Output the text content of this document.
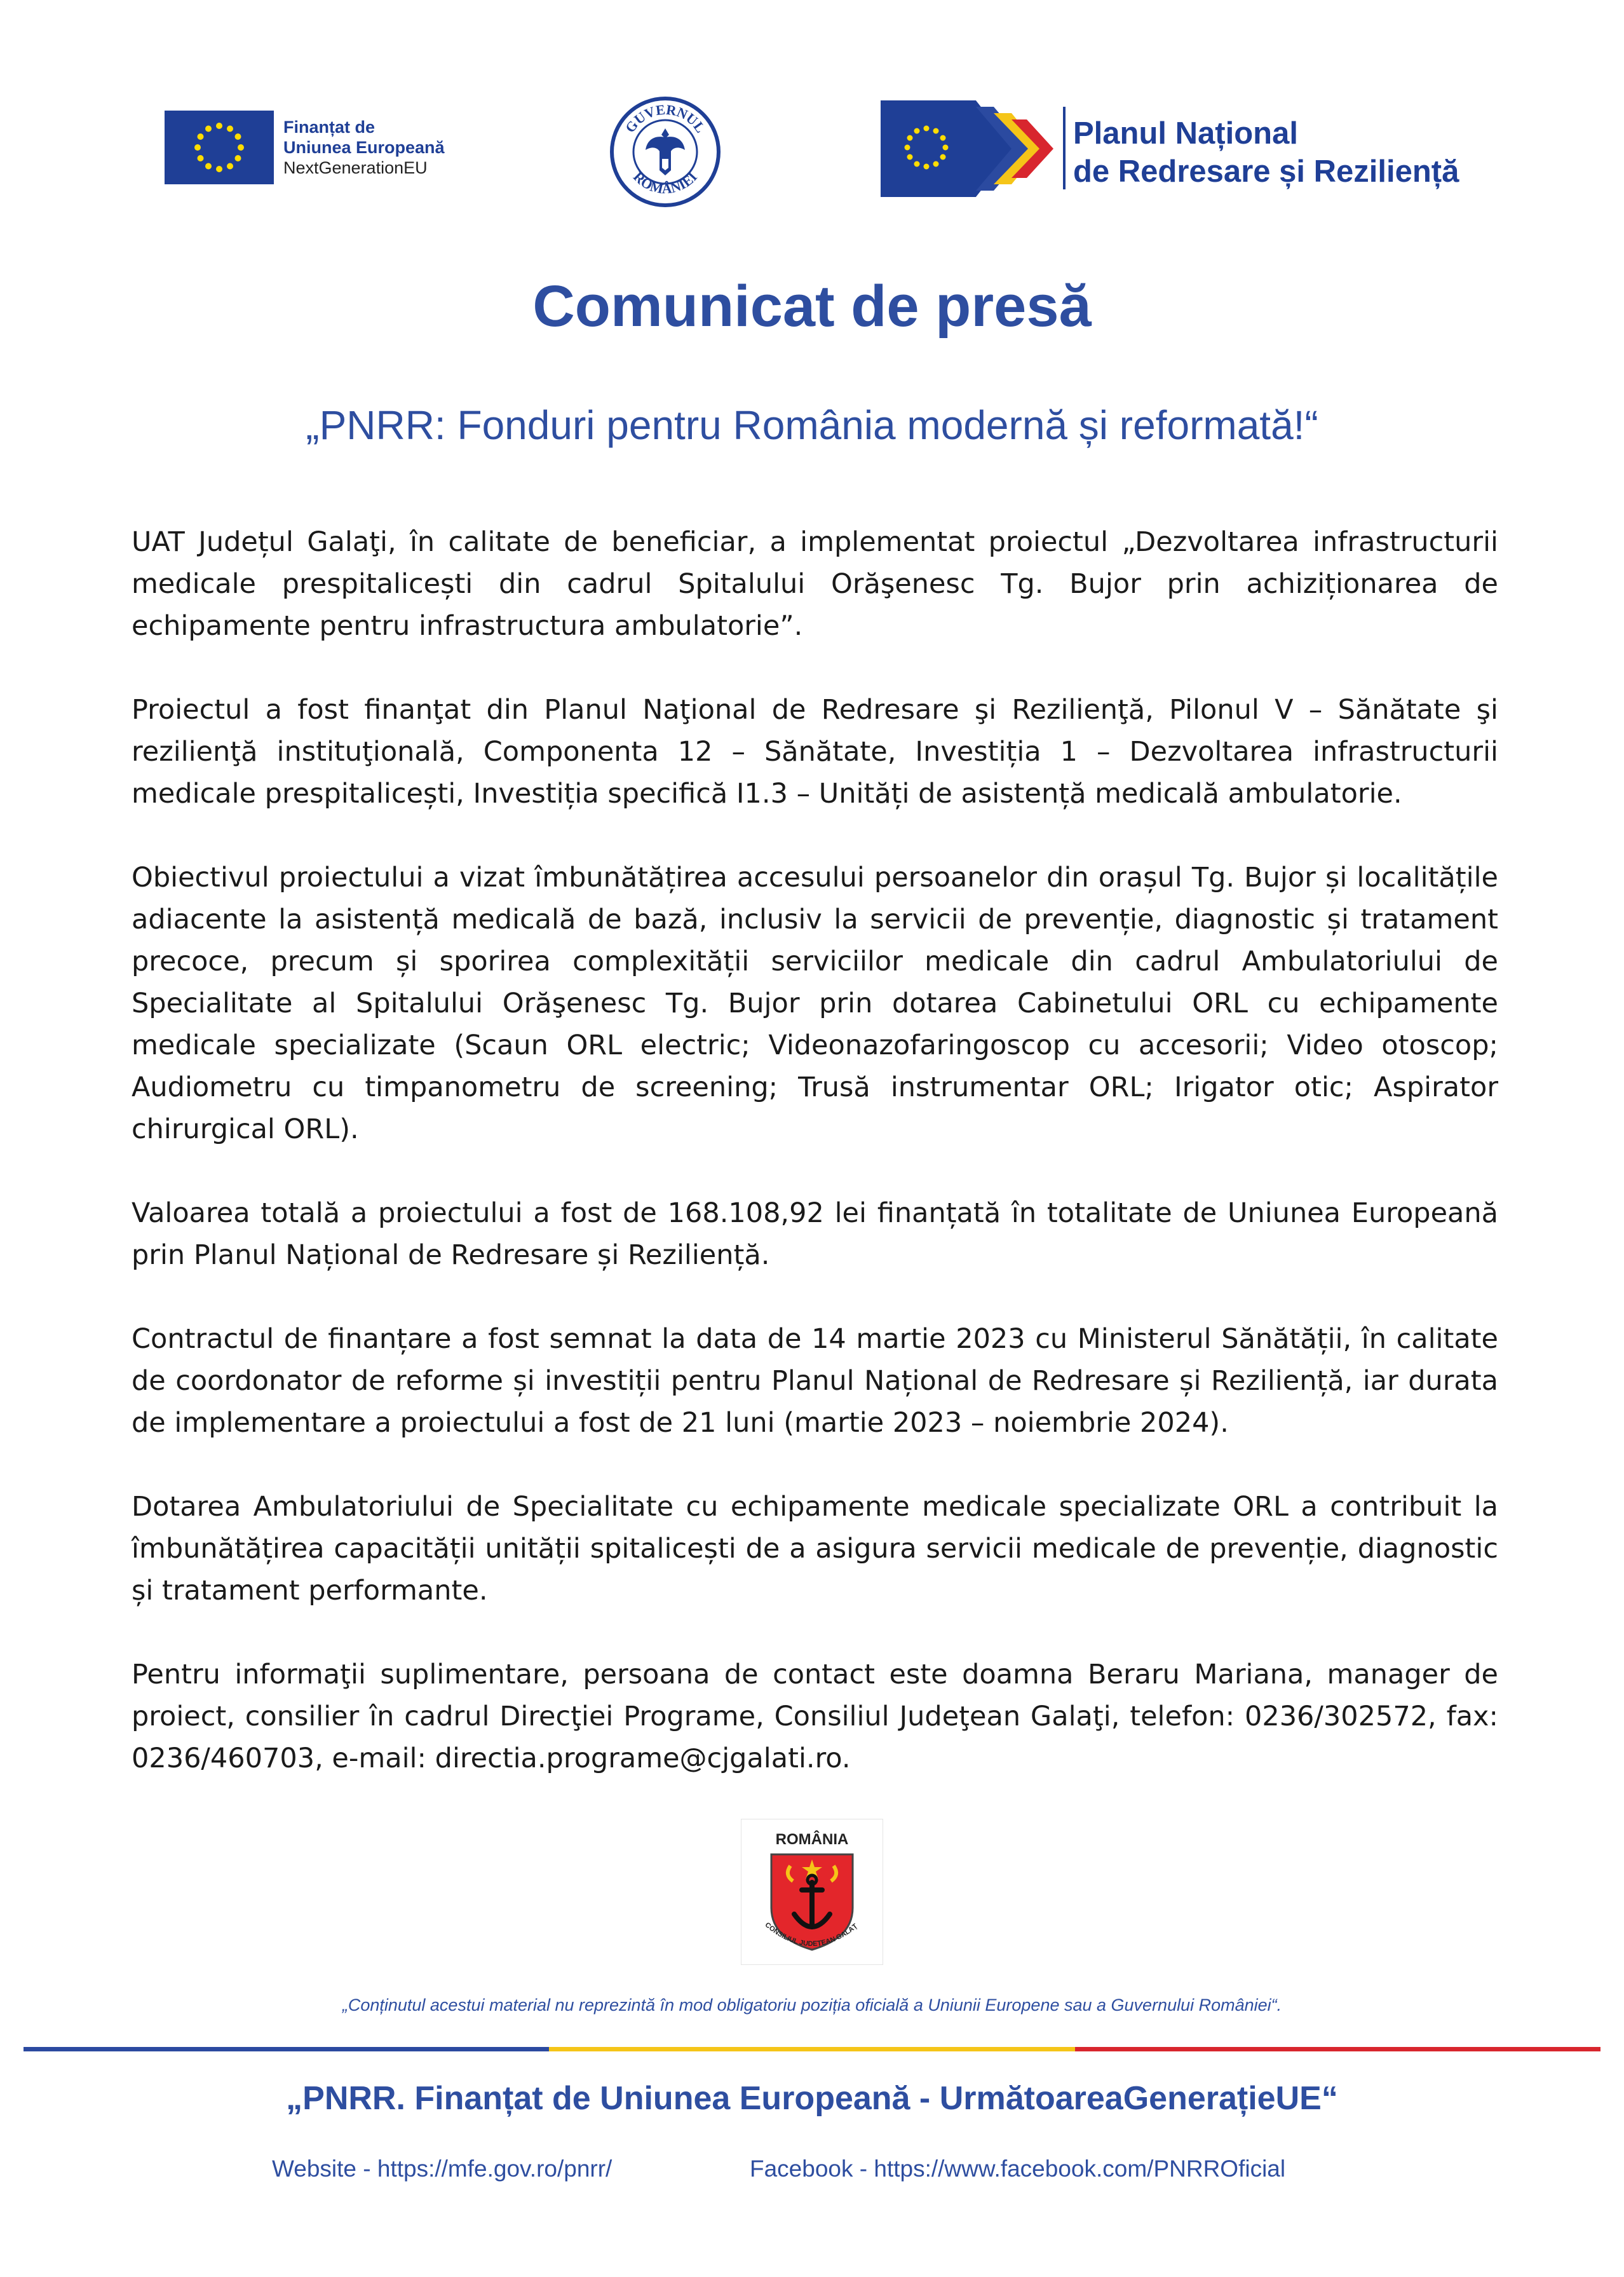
Finanțat de
Uniunea Europeană
NextGenerationEU
GUVERNUL
ROMÂNIEI
Planul Național
de Redresare și Reziliență
Comunicat de presă
„PNRR: Fonduri pentru România modernă și reformată!“

UAT Județul Galaţi, în calitate de beneficiar, a implementat proiectul „Dezvoltarea infrastructurii medicale prespitalicești din cadrul Spitalului Orăşenesc Tg. Bujor prin achiziționarea de echipamente pentru infrastructura ambulatorie”.

Proiectul a fost finanţat din Planul Naţional de Redresare şi Rezilienţă, Pilonul V – Sănătate şi rezilienţă instituţională, Componenta 12 – Sănătate, Investiția 1 – Dezvoltarea infrastructurii medicale prespitalicești, Investiția specifică I1.3 – Unități de asistență medicală ambulatorie.

Obiectivul proiectului a vizat îmbunătățirea accesului persoanelor din orașul Tg. Bujor și localitățile adiacente la asistență medicală de bază, inclusiv la servicii de prevenție, diagnostic și tratament precoce, precum și sporirea complexității serviciilor medicale din cadrul Ambulatoriului de Specialitate al Spitalului Orăşenesc Tg. Bujor prin dotarea Cabinetului ORL cu echipamente medicale specializate (Scaun ORL electric; Videonazofaringoscop cu accesorii; Video otoscop; Audiometru cu timpanometru de screening; Trusă instrumentar ORL; Irigator otic; Aspirator chirurgical ORL).

Valoarea totală a proiectului a fost de 168.108,92 lei finanțată în totalitate de Uniunea Europeană prin Planul Național de Redresare și Reziliență.

Contractul de finanțare a fost semnat la data de 14 martie 2023 cu Ministerul Sănătății, în calitate de coordonator de reforme și investiții pentru Planul Național de Redresare și Reziliență, iar durata de implementare a proiectului a fost de 21 luni (martie 2023 – noiembrie 2024).

Dotarea Ambulatoriului de Specialitate cu echipamente medicale specializate ORL a contribuit la îmbunătățirea capacității unității spitalicești de a asigura servicii medicale de prevenție, diagnostic și tratament performante.

Pentru informaţii suplimentare, persoana de contact este doamna Beraru Mariana, manager de proiect, consilier în cadrul Direcţiei Programe, Consiliul Judeţean Galaţi, telefon: 0236/302572, fax: 0236/460703, e-mail: directia.programe@cjgalati.ro.

ROMÂNIA
CONSILIUL JUDEȚEAN GALAȚ
„Conținutul acestui material nu reprezintă în mod obligatoriu poziția oficială a Uniunii Europene sau a Guvernului României“.
„PNRR. Finanțat de Uniunea Europeană - UrmătoareaGenerațieUE“
Website - https://mfe.gov.ro/pnrr/	Facebook - https://www.facebook.com/PNRROficial
